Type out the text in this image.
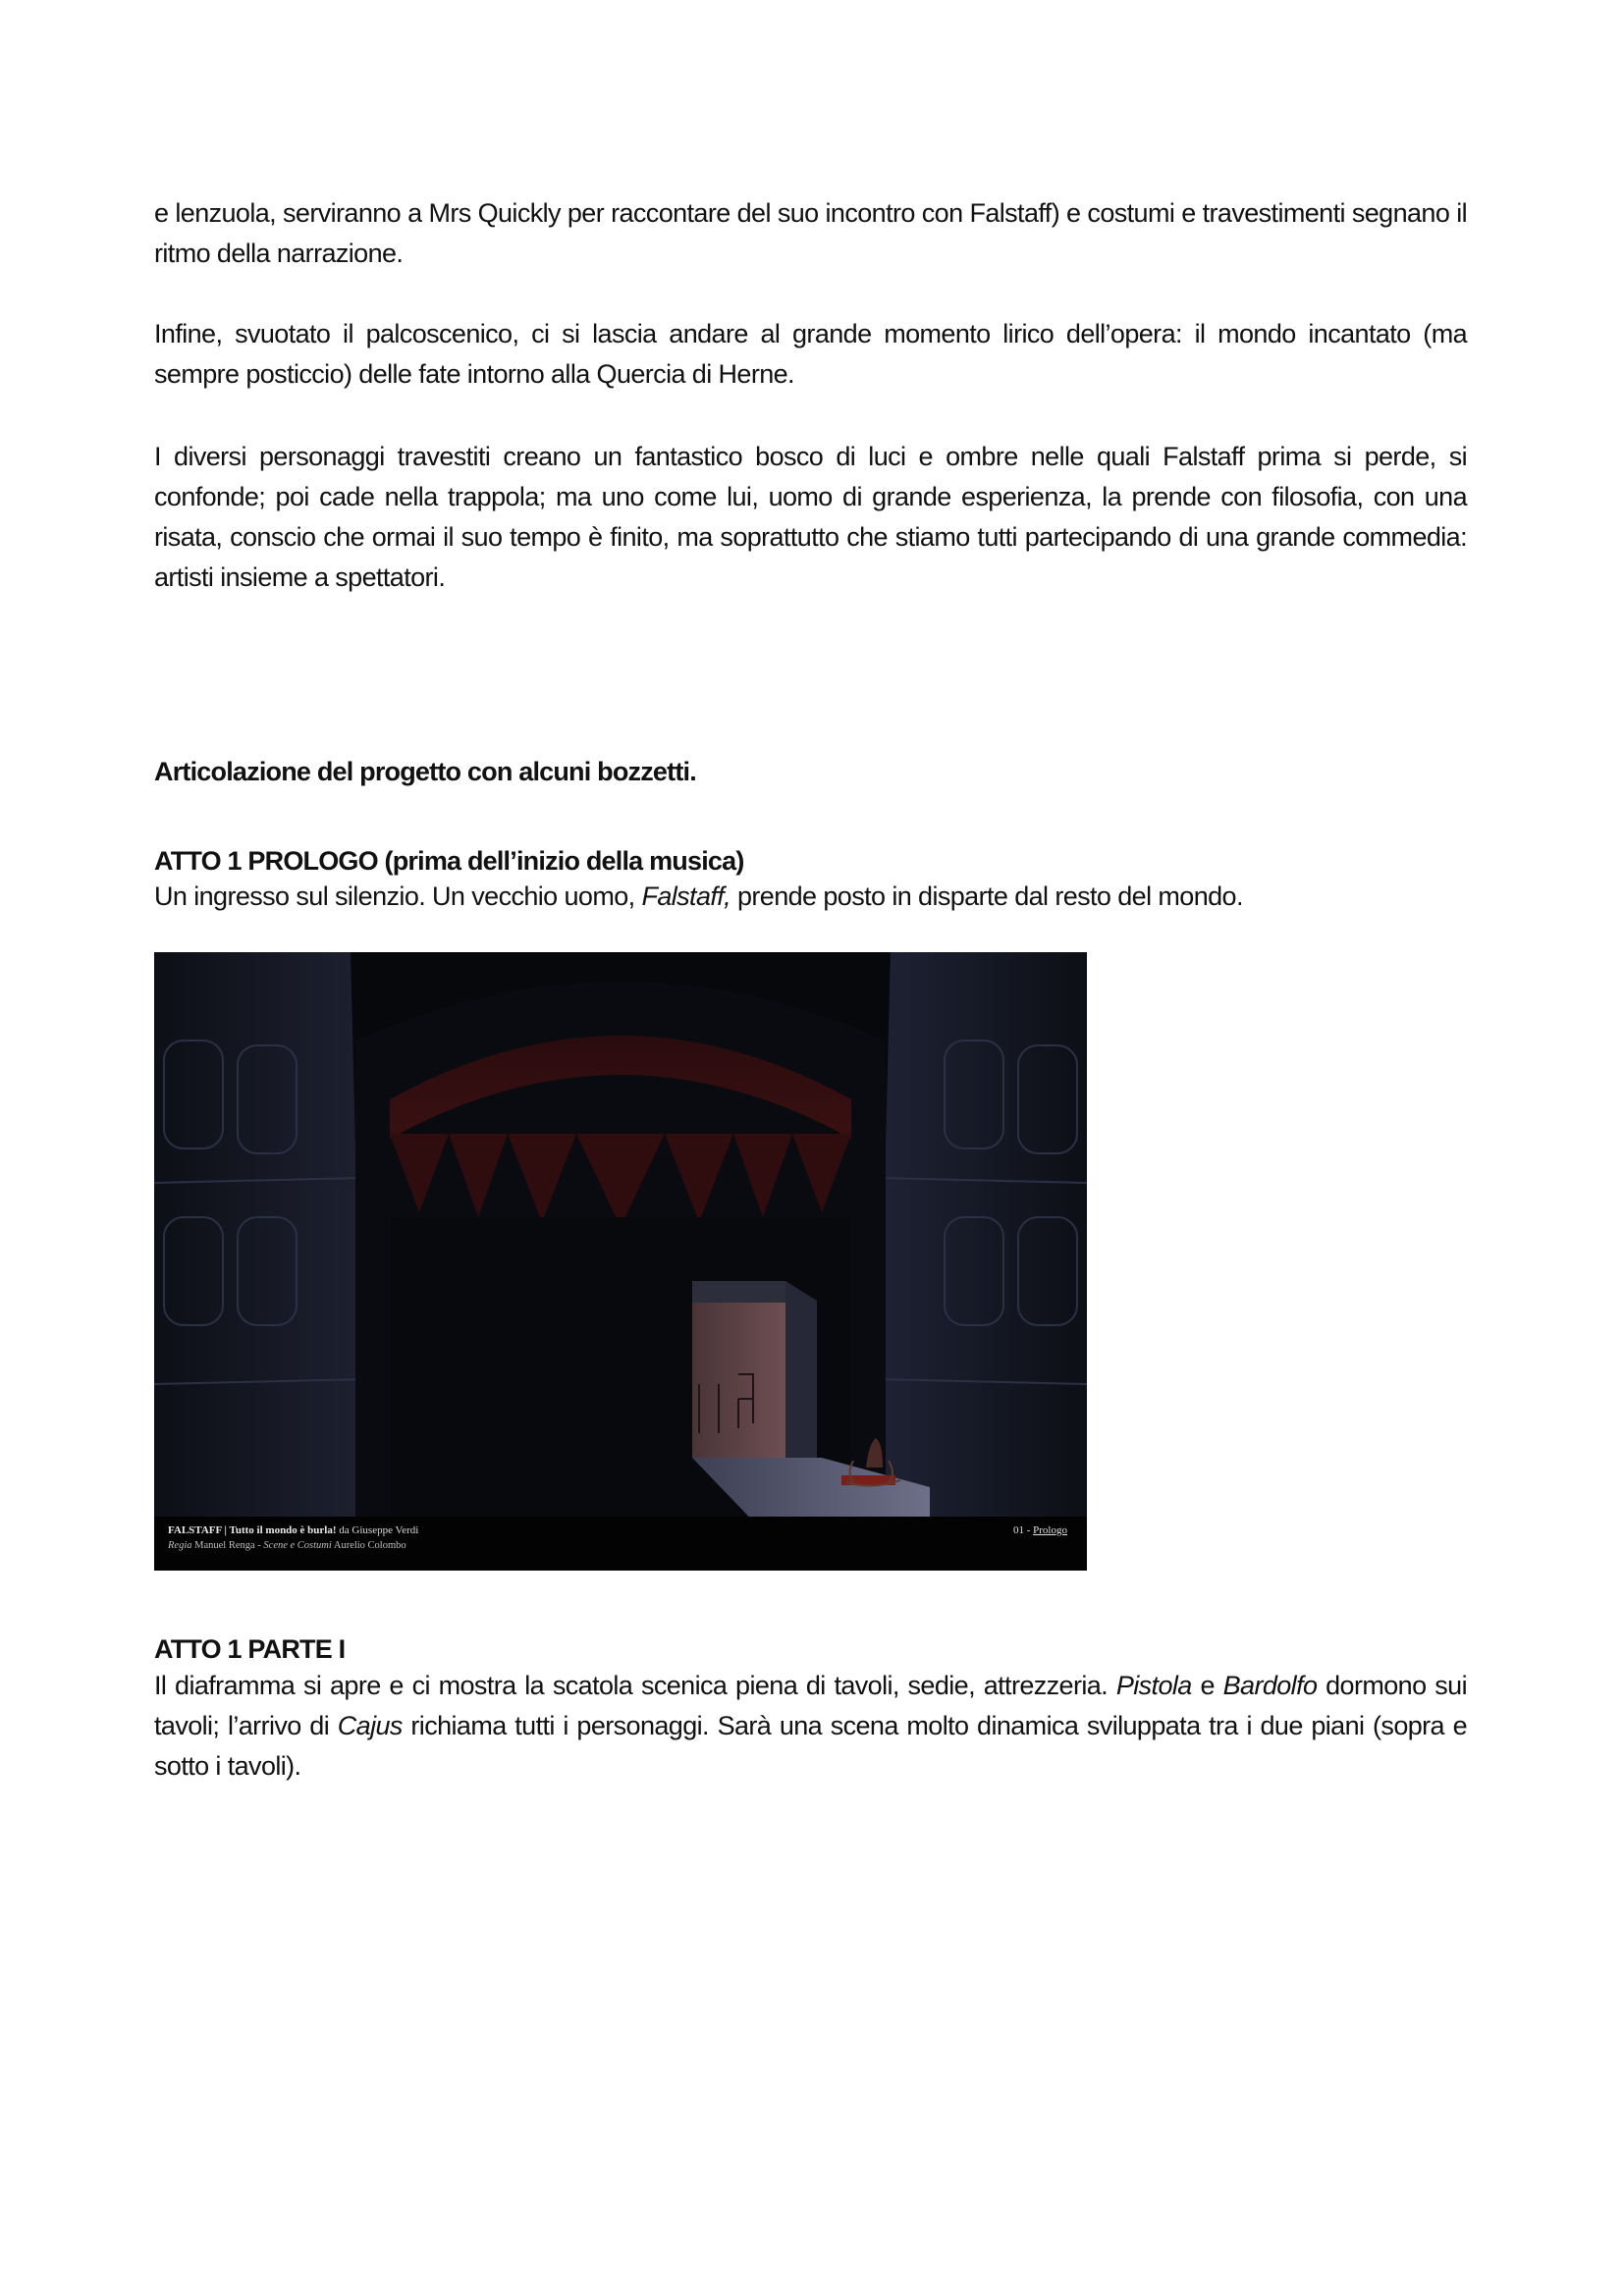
e lenzuola, serviranno a Mrs Quickly per raccontare del suo incontro con Falstaff) e costumi e travestimenti segnano il ritmo della narrazione.

Infine, svuotato il palcoscenico, ci si lascia andare al grande momento lirico dell’opera: il mondo incantato (ma sempre posticcio) delle fate intorno alla Quercia di Herne.

I diversi personaggi travestiti creano un fantastico bosco di luci e ombre nelle quali Falstaff prima si perde, si confonde; poi cade nella trappola; ma uno come lui, uomo di grande esperienza, la prende con filosofia, con una risata, conscio che ormai il suo tempo è finito, ma soprattutto che stiamo tutti partecipando di una grande commedia: artisti insieme a spettatori.

Articolazione del progetto con alcuni bozzetti.
ATTO 1 PROLOGO (prima dell’inizio della musica)

Un ingresso sul silenzio. Un vecchio uomo, Falstaff, prende posto in disparte dal resto del mondo.

ATTO 1 PARTE I

Il diaframma si apre e ci mostra la scatola scenica piena di tavoli, sedie, attrezzeria. Pistola e Bardolfo dormono sui tavoli; l’arrivo di Cajus richiama tutti i personaggi. Sarà una scena molto dinamica sviluppata tra i due piani (sopra e sotto i tavoli).

FALSTAFF | Tutto il mondo è burla! da Giuseppe Verdi
Regia Manuel Renga - Scene e Costumi Aurelio Colombo
01 - Prologo
